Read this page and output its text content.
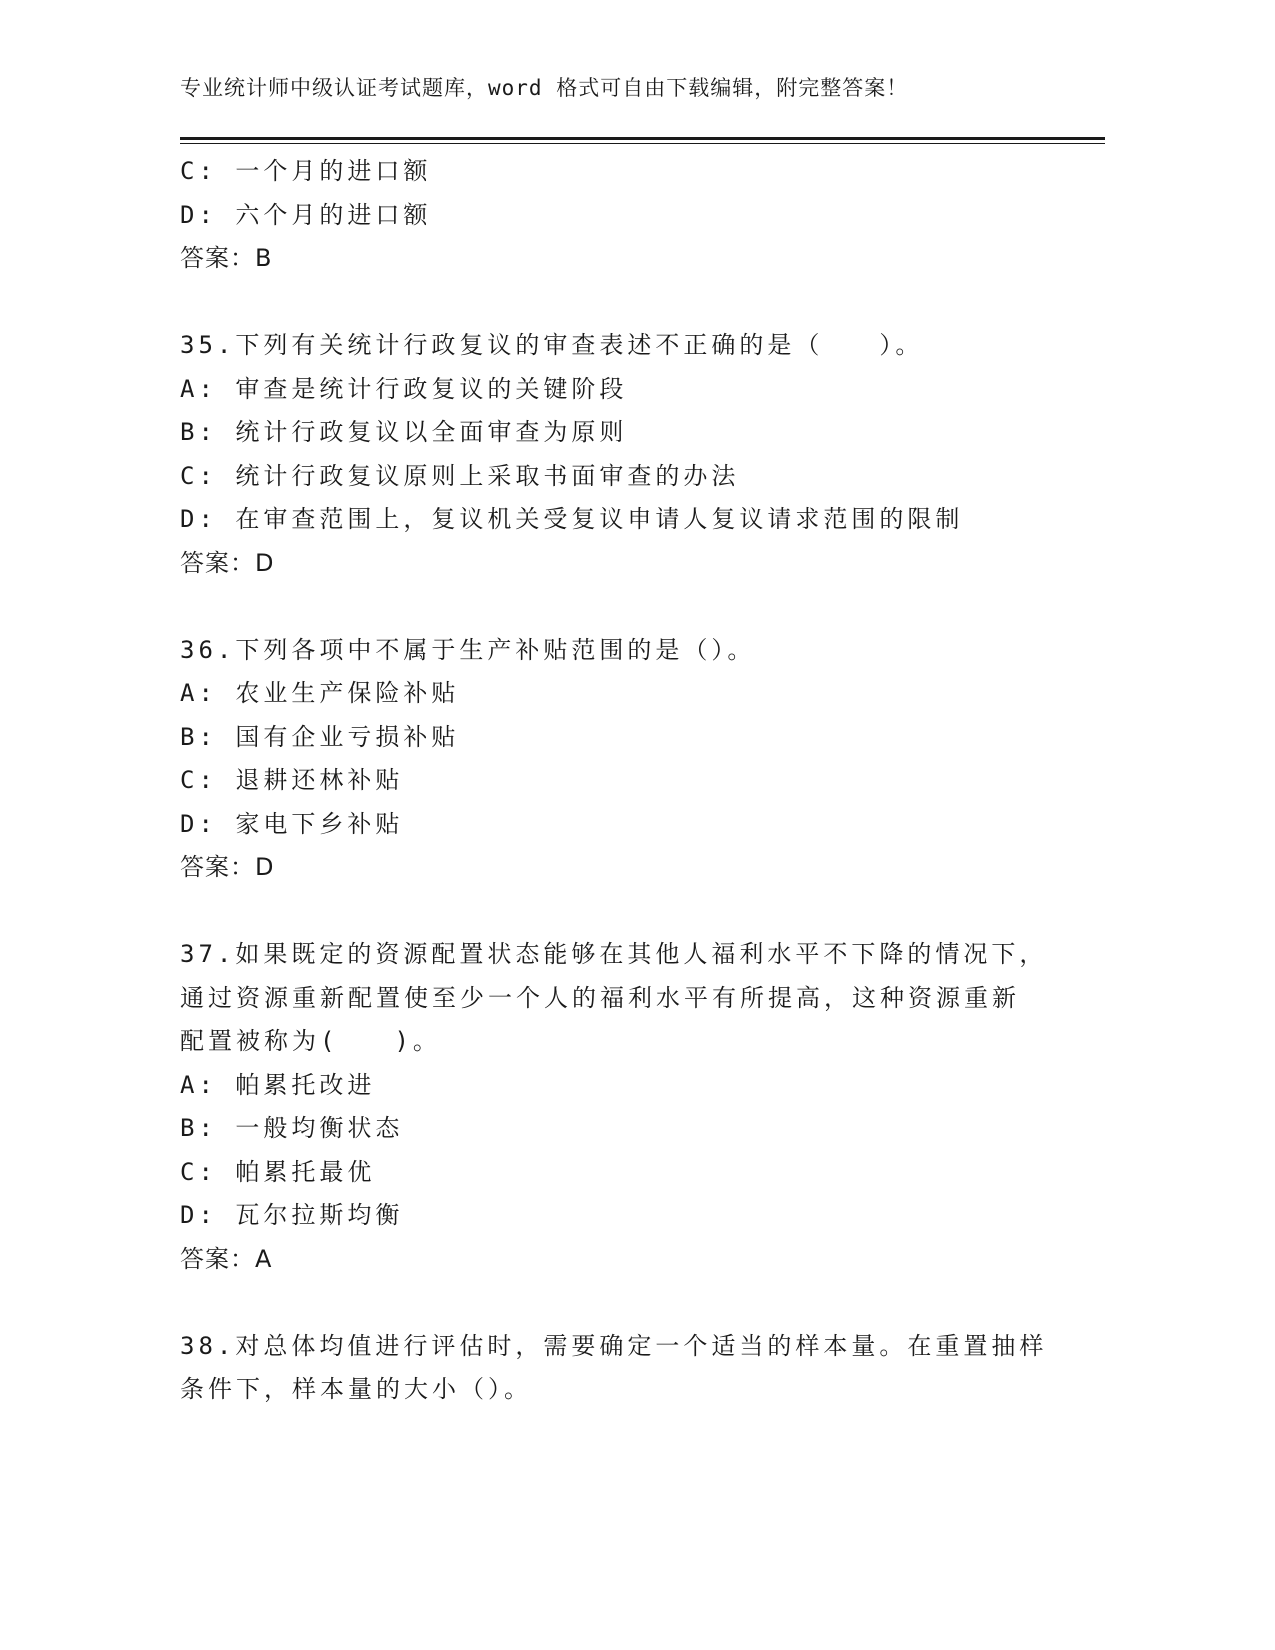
专业统计师中级认证考试题库，word 格式可自由下载编辑，附完整答案！
C: 一个月的进口额
D: 六个月的进口额
答案：B
35.下列有关统计行政复议的审查表述不正确的是（　　）。
A: 审查是统计行政复议的关键阶段
B: 统计行政复议以全面审查为原则
C: 统计行政复议原则上采取书面审查的办法
D: 在审查范围上，复议机关受复议申请人复议请求范围的限制
答案：D
36.下列各项中不属于生产补贴范围的是（）。
A: 农业生产保险补贴
B: 国有企业亏损补贴
C: 退耕还林补贴
D: 家电下乡补贴
答案：D
37.如果既定的资源配置状态能够在其他人福利水平不下降的情况下，
通过资源重新配置使至少一个人的福利水平有所提高，这种资源重新
配置被称为(　　)。
A: 帕累托改进
B: 一般均衡状态
C: 帕累托最优
D: 瓦尔拉斯均衡
答案：A
38.对总体均值进行评估时，需要确定一个适当的样本量。在重置抽样
条件下，样本量的大小（）。
